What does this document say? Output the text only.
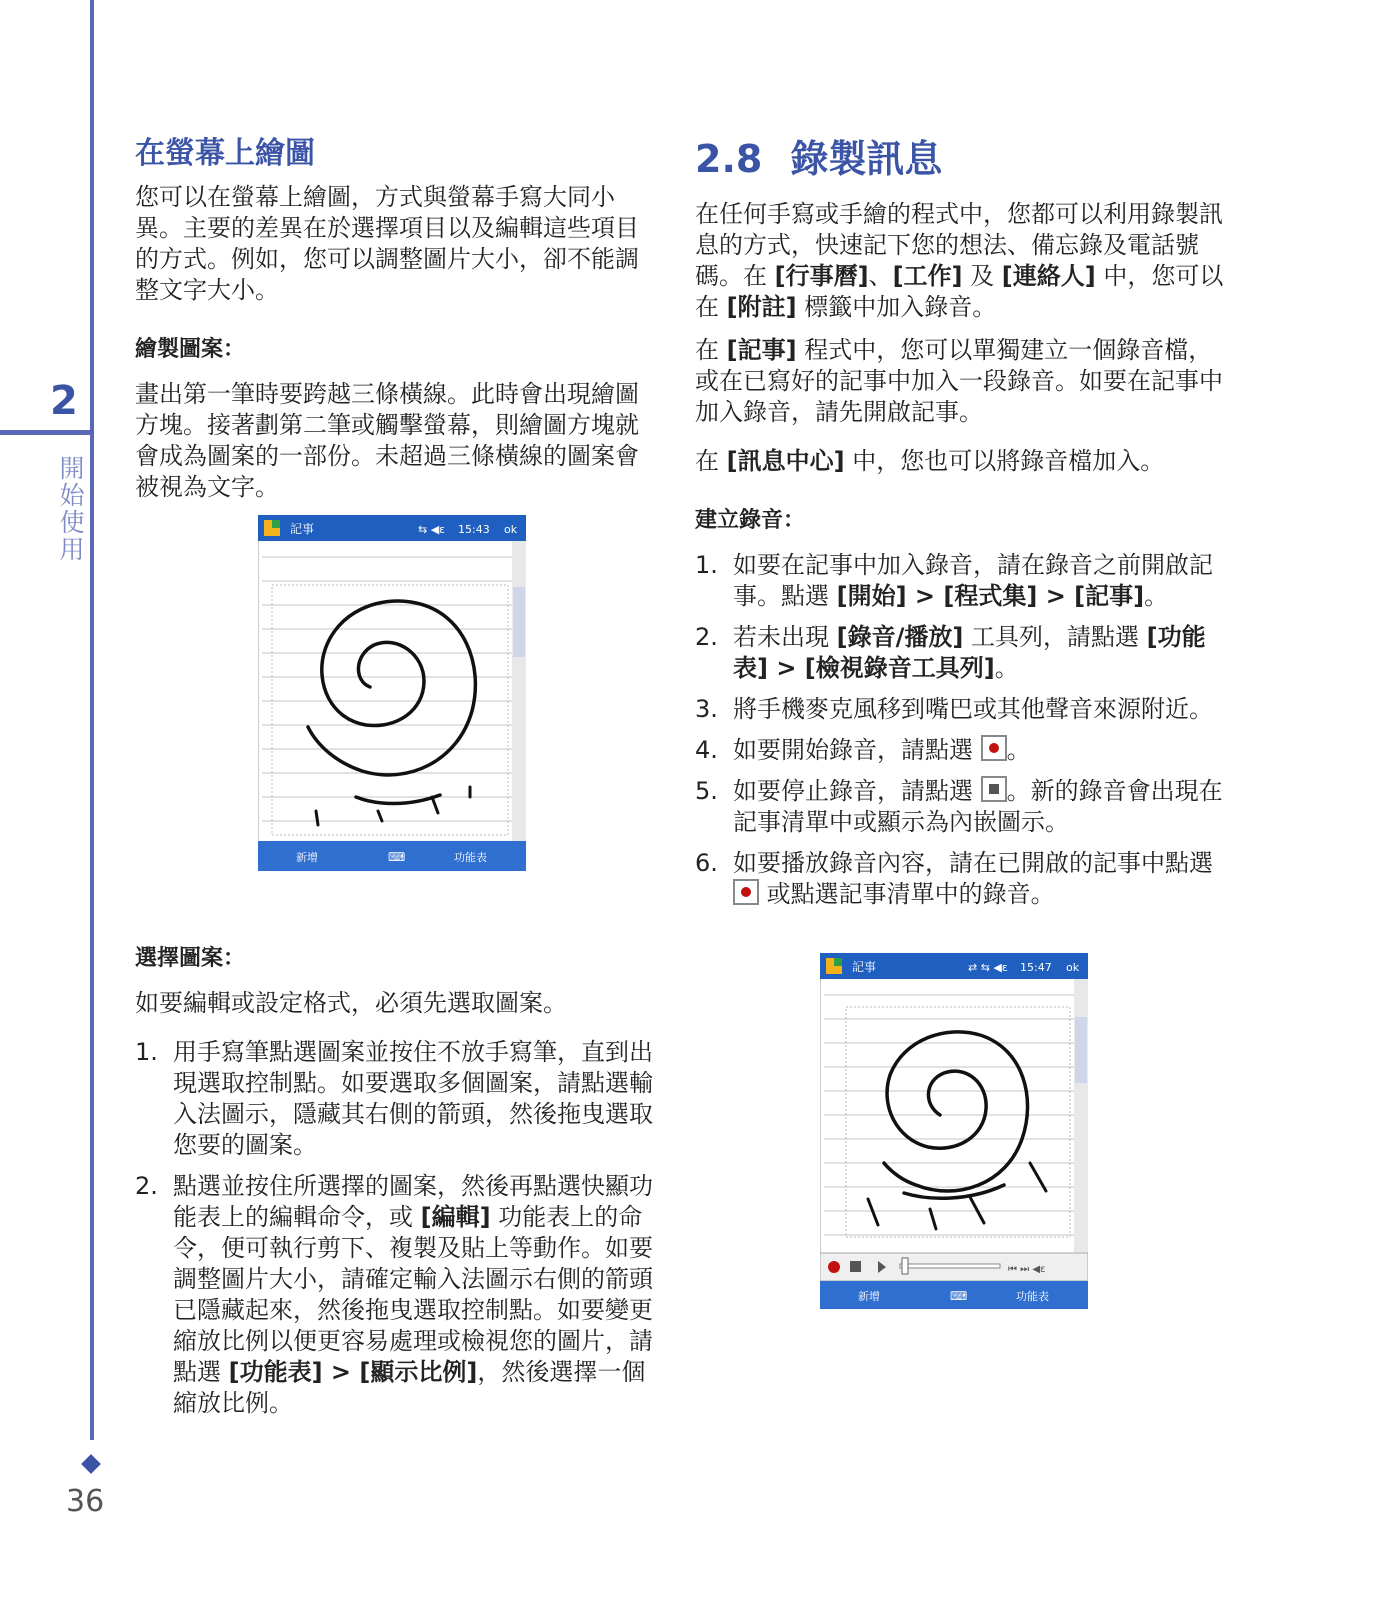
2
開始使用
36
在螢幕上繪圖

您可以在螢幕上繪圖，方式與螢幕手寫大同小異。主要的差異在於選擇項目以及編輯這些項目的方式。例如，您可以調整圖片大小，卻不能調整文字大小。

繪製圖案：

畫出第一筆時要跨越三條橫線。此時會出現繪圖方塊。接著劃第二筆或觸擊螢幕，則繪圖方塊就會成為圖案的一部份。未超過三條橫線的圖案會被視為文字。

選擇圖案：

如要編輯或設定格式，必須先選取圖案。

1. 用手寫筆點選圖案並按住不放手寫筆，直到出現選取控制點。如要選取多個圖案，請點選輸入法圖示，隱藏其右側的箭頭，然後拖曳選取您要的圖案。
2. 點選並按住所選擇的圖案，然後再點選快顯功能表上的編輯命令，或 [編輯] 功能表上的命令，便可執行剪下、複製及貼上等動作。如要調整圖片大小，請確定輸入法圖示右側的箭頭已隱藏起來，然後拖曳選取控制點。如要變更縮放比例以便更容易處理或檢視您的圖片，請點選 [功能表] > [顯示比例]，然後選擇一個縮放比例。
記事	⇆ ◀ε 15:43 ok
新增	⌨	功能表
2.8 錄製訊息

在任何手寫或手繪的程式中，您都可以利用錄製訊息的方式，快速記下您的想法、備忘錄及電話號碼。在 [行事曆]、[工作] 及 [連絡人] 中，您可以在 [附註] 標籤中加入錄音。

在 [記事] 程式中，您可以單獨建立一個錄音檔，或在已寫好的記事中加入一段錄音。如要在記事中加入錄音，請先開啟記事。

在 [訊息中心] 中，您也可以將錄音檔加入。

建立錄音：
1. 如要在記事中加入錄音，請在錄音之前開啟記事。點選 [開始] > [程式集] > [記事]。
2. 若未出現 [錄音/播放] 工具列，請點選 [功能表] > [檢視錄音工具列]。
3. 將手機麥克風移到嘴巴或其他聲音來源附近。
4. 如要開始錄音，請點選 。
5. 如要停止錄音，請點選 。新的錄音會出現在記事清單中或顯示為內嵌圖示。
6. 如要播放錄音內容，請在已開啟的記事中點選  或點選記事清單中的錄音。
記事	⇄ ⇆ ◀ε 15:47 ok
⏮ ⏭ ◀ε
新增	⌨	功能表
